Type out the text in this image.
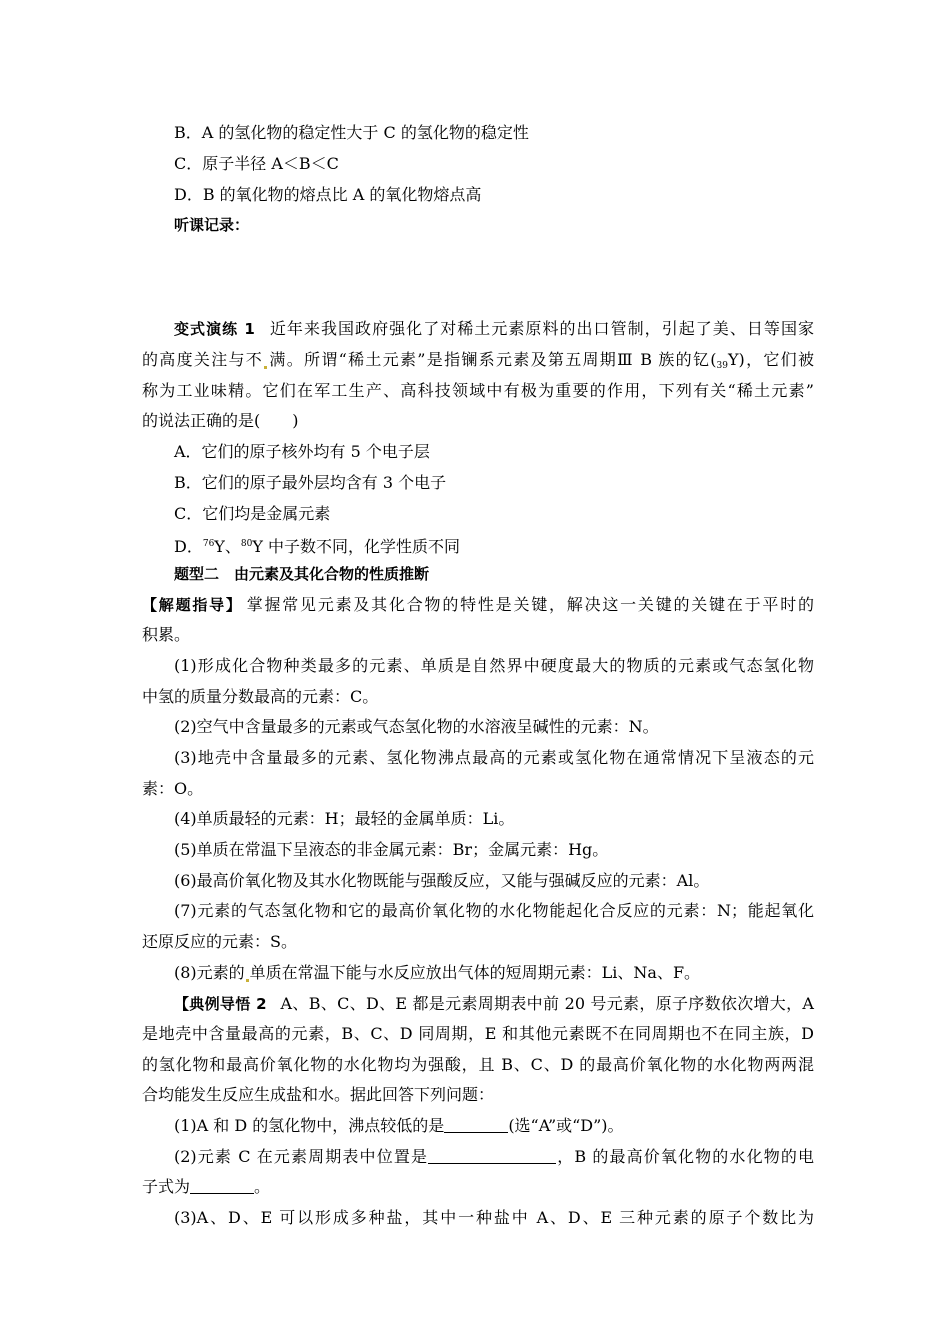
B．A 的氢化物的稳定性大于 C 的氢化物的稳定性
C．原子半径 A＜B＜C
D．B 的氧化物的熔点比 A 的氧化物熔点高
听课记录：
变式演练 1 近年来我国政府强化了对稀土元素原料的出口管制，引起了美、日等国家
的高度关注与不 满。所谓“稀土元素”是指镧系元素及第五周期Ⅲ B 族的钇$(_{39}Y)$，它们被
称为工业味精。它们在军工生产、高科技领域中有极为重要的作用，下列有关“稀土元素”
的说法正确的是(　　)
A．它们的原子核外均有 5 个电子层
B．它们的原子最外层均含有 3 个电子
C．它们均是金属元素
D．$^{76}$Y、$^{80}$Y 中子数不同，化学性质不同
题型二　由元素及其化合物的性质推断
【解题指导】 掌握常见元素及其化合物的特性是关键，解决这一关键的关键在于平时的
积累。
(1)形成化合物种类最多的元素、单质是自然界中硬度最大的物质的元素或气态氢化物
中氢的质量分数最高的元素：C。
(2)空气中含量最多的元素或气态氢化物的水溶液呈碱性的元素：N。
(3)地壳中含量最多的元素、氢化物沸点最高的元素或氢化物在通常情况下呈液态的元
素：O。
(4)单质最轻的元素：H；最轻的金属单质：Li。
(5)单质在常温下呈液态的非金属元素：Br；金属元素：Hg。
(6)最高价氧化物及其水化物既能与强酸反应，又能与强碱反应的元素：Al。
(7)元素的气态氢化物和它的最高价氧化物的水化物能起化合反应的元素：N；能起氧化
还原反应的元素：S。
(8)元素的 单质在常温下能与水反应放出气体的短周期元素：Li、Na、F。
【典例导悟 2 A、B、C、D、E 都是元素周期表中前 20 号元素，原子序数依次增大，A
是地壳中含量最高的元素，B、C、D 同周期，E 和其他元素既不在同周期也不在同主族，D
的氢化物和最高价氧化物的水化物均为强酸，且 B、C、D 的最高价氧化物的水化物两两混
合均能发生反应生成盐和水。据此回答下列问题：
(1)A 和 D 的氢化物中，沸点较低的是	(选“A”或“D”)。
(2)元素 C 在元素周期表中位置是	，B 的最高价氧化物的水化物的电
子式为	。
(3)A、D、E 可以形成多种盐，其中一种盐中 A、D、E 三种元素的原子个数比为
